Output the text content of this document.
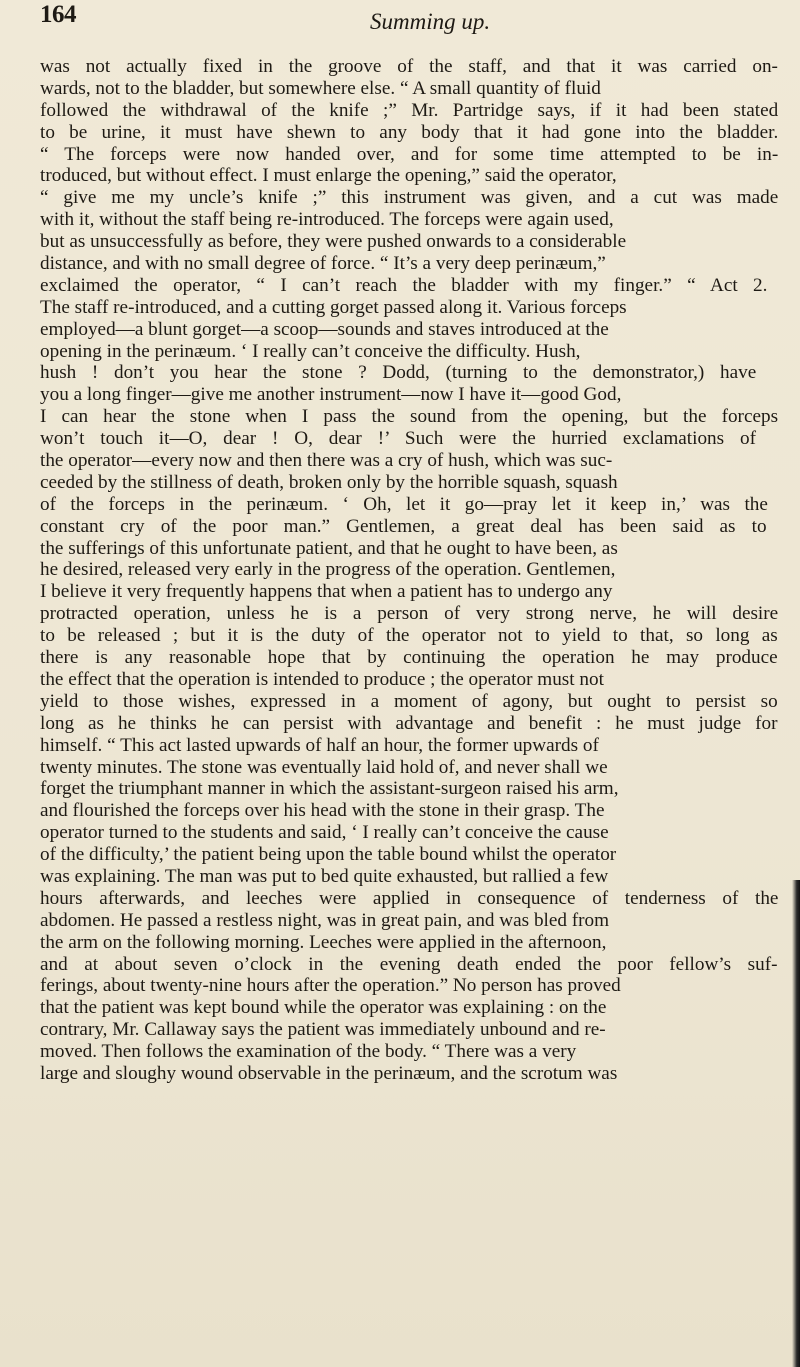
164	Summing up.
was not actually fixed in the groove of the staff, and that it was carried on-
wards, not to the bladder, but somewhere else. “ A small quantity of fluid
followed the withdrawal of the knife ;” Mr. Partridge says, if it had been stated
to be urine, it must have shewn to any body that it had gone into the bladder.
“ The forceps were now handed over, and for some time attempted to be in-
troduced, but without effect. I must enlarge the opening,” said the operator,
“ give me my uncle’s knife ;” this instrument was given, and a cut was made
with it, without the staff being re-introduced. The forceps were again used,
but as unsuccessfully as before, they were pushed onwards to a considerable
distance, and with no small degree of force. “ It’s a very deep perinæum,”
exclaimed the operator, “ I can’t reach the bladder with my finger.” “ Act 2.
The staff re-introduced, and a cutting gorget passed along it. Various forceps
employed—a blunt gorget—a scoop—sounds and staves introduced at the
opening in the perinæum. ‘ I really can’t conceive the difficulty. Hush,
hush ! don’t you hear the stone ? Dodd, (turning to the demonstrator,) have
you a long finger—give me another instrument—now I have it—good God,
I can hear the stone when I pass the sound from the opening, but the forceps
won’t touch it—O, dear ! O, dear !’ Such were the hurried exclamations of
the operator—every now and then there was a cry of hush, which was suc-
ceeded by the stillness of death, broken only by the horrible squash, squash
of the forceps in the perinæum. ‘ Oh, let it go—pray let it keep in,’ was the
constant cry of the poor man.” Gentlemen, a great deal has been said as to
the sufferings of this unfortunate patient, and that he ought to have been, as
he desired, released very early in the progress of the operation. Gentlemen,
I believe it very frequently happens that when a patient has to undergo any
protracted operation, unless he is a person of very strong nerve, he will desire
to be released ; but it is the duty of the operator not to yield to that, so long as
there is any reasonable hope that by continuing the operation he may produce
the effect that the operation is intended to produce ; the operator must not
yield to those wishes, expressed in a moment of agony, but ought to persist so
long as he thinks he can persist with advantage and benefit : he must judge for
himself. “ This act lasted upwards of half an hour, the former upwards of
twenty minutes. The stone was eventually laid hold of, and never shall we
forget the triumphant manner in which the assistant-surgeon raised his arm,
and flourished the forceps over his head with the stone in their grasp. The
operator turned to the students and said, ‘ I really can’t conceive the cause
of the difficulty,’ the patient being upon the table bound whilst the operator
was explaining. The man was put to bed quite exhausted, but rallied a few
hours afterwards, and leeches were applied in consequence of tenderness of the
abdomen. He passed a restless night, was in great pain, and was bled from
the arm on the following morning. Leeches were applied in the afternoon,
and at about seven o’clock in the evening death ended the poor fellow’s suf-
ferings, about twenty-nine hours after the operation.” No person has proved
that the patient was kept bound while the operator was explaining : on the
contrary, Mr. Callaway says the patient was immediately unbound and re-
moved. Then follows the examination of the body. “ There was a very
large and sloughy wound observable in the perinæum, and the scrotum was
